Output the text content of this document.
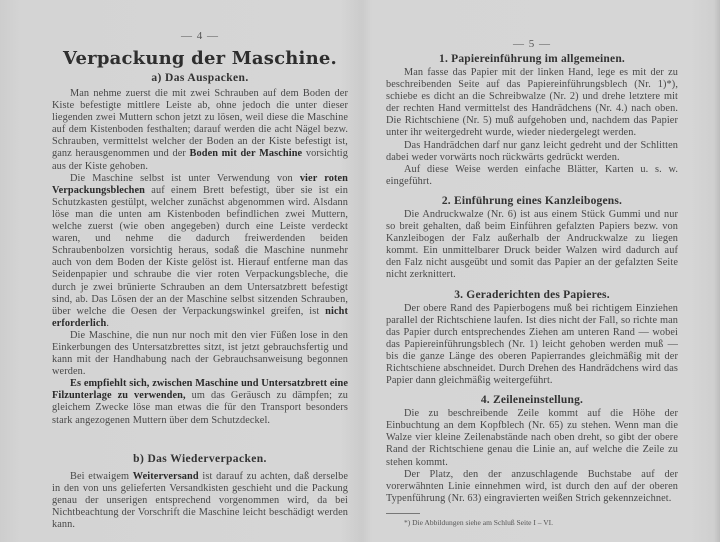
— 4 —
Verpackung der Maschine.
a) Das Auspacken.

Man nehme zuerst die mit zwei Schrauben auf dem Boden der Kiste befestigte mittlere Leiste ab, ohne jedoch die unter dieser liegenden zwei Muttern schon jetzt zu lösen, weil diese die Maschine auf dem Kistenboden festhalten; darauf werden die acht Nägel bezw. Schrauben, vermittelst welcher der Boden an der Kiste befestigt ist, ganz herausgenommen und der Boden mit der Maschine vorsichtig aus der Kiste gehoben.

Die Maschine selbst ist unter Verwendung von vier roten Verpackungsblechen auf einem Brett befestigt, über sie ist ein Schutzkasten gestülpt, welcher zunächst abgenommen wird. Alsdann löse man die unten am Kistenboden befindlichen zwei Muttern, welche zuerst (wie oben angegeben) durch eine Leiste verdeckt waren, und nehme die dadurch freiwerdenden beiden Schraubenbolzen vorsichtig heraus, sodaß die Maschine nunmehr auch von dem Boden der Kiste gelöst ist. Hierauf entferne man das Seidenpapier und schraube die vier roten Verpackungsbleche, die durch je zwei brünierte Schrauben an dem Untersatzbrett befestigt sind, ab. Das Lösen der an der Maschine selbst sitzenden Schrauben, über welche die Oesen der Verpackungswinkel greifen, ist nicht erforderlich.

Die Maschine, die nun nur noch mit den vier Füßen lose in den Einkerbungen des Untersatzbrettes sitzt, ist jetzt gebrauchsfertig und kann mit der Handhabung nach der Gebrauchsanweisung begonnen werden.

Es empfiehlt sich, zwischen Maschine und Untersatzbrett eine Filzunterlage zu verwenden, um das Geräusch zu dämpfen; zu gleichem Zwecke löse man etwas die für den Transport besonders stark angezogenen Muttern über dem Schutzdeckel.

b) Das Wiederverpacken.

Bei etwaigem Weiterversand ist darauf zu achten, daß derselbe in den von uns gelieferten Versandkisten geschieht und die Packung genau der unserigen entsprechend vorgenommen wird, da bei Nichtbeachtung der Vorschrift die Maschine leicht beschädigt werden kann.

— 5 —
1. Papiereinführung im allgemeinen.

Man fasse das Papier mit der linken Hand, lege es mit der zu beschreibenden Seite auf das Papiereinführungsblech (Nr. 1)*), schiebe es dicht an die Schreibwalze (Nr. 2) und drehe letztere mit der rechten Hand vermittelst des Handrädchens (Nr. 4.) nach oben. Die Richtschiene (Nr. 5) muß aufgehoben und, nachdem das Papier unter ihr weitergedreht wurde, wieder niedergelegt werden.

Das Handrädchen darf nur ganz leicht gedreht und der Schlitten dabei weder vorwärts noch rückwärts gedrückt werden.

Auf diese Weise werden einfache Blätter, Karten u. s. w. eingeführt.

2. Einführung eines Kanzleibogens.

Die Andruckwalze (Nr. 6) ist aus einem Stück Gummi und nur so breit gehalten, daß beim Einführen gefalzten Papiers bezw. von Kanzleibogen der Falz außerhalb der Andruckwalze zu liegen kommt. Ein unmittelbarer Druck beider Walzen wird dadurch auf den Falz nicht ausgeübt und somit das Papier an der gefalzten Seite nicht zerknittert.

3. Geraderichten des Papieres.

Der obere Rand des Papierbogens muß bei richtigem Einziehen parallel der Richtschiene laufen. Ist dies nicht der Fall, so richte man das Papier durch entsprechendes Ziehen am unteren Rand — wobei das Papiereinführungsblech (Nr. 1) leicht gehoben werden muß — bis die ganze Länge des oberen Papierrandes gleichmäßig mit der Richtschiene abschneidet. Durch Drehen des Handrädchens wird das Papier dann gleichmäßig weitergeführt.

4. Zeileneinstellung.

Die zu beschreibende Zeile kommt auf die Höhe der Einbuchtung an dem Kopfblech (Nr. 65) zu stehen. Wenn man die Walze vier kleine Zeilenabstände nach oben dreht, so gibt der obere Rand der Richtschiene genau die Linie an, auf welche die Zeile zu stehen kommt.

Der Platz, den der anzuschlagende Buchstabe auf der vorerwähnten Linie einnehmen wird, ist durch den auf der oberen Typenführung (Nr. 63) eingravierten weißen Strich gekennzeichnet.

*) Die Abbildungen siehe am Schluß Seite I – VI.
